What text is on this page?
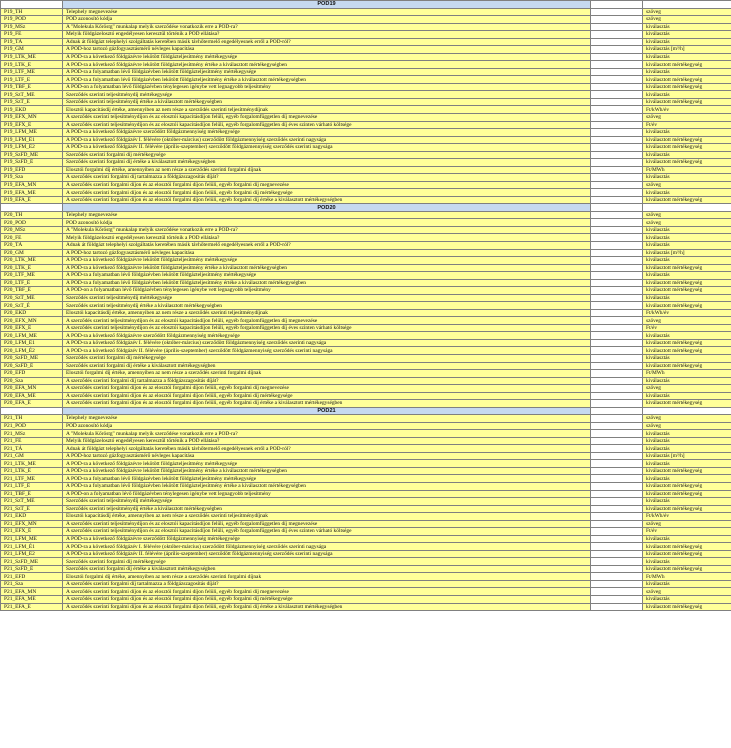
	POD19		
P19_TH	Telephely megnevezése		szöveg
P19_POD	POD azonosító kódja		szöveg
P19_MSz	A "Molekula Kőröstg" munkalap melyik szerződése vonatkozik erre a POD-ra?		kiválasztás
P19_FE	Melyik földgázelosztó engedélyesen keresztül történik a POD ellátása?		kiválasztás
P19_TÁ	Adnak át földgázt telephelyi szolgáltatás keretében másik távhőtermelő engedélyesnek erről a POD-ról?		kiválasztás
P19_GM	A POD-hoz tartozó gázfogyasztásmérő névleges kapacitása		kiválasztás [m³/h]
P19_LTK_ME	A POD-ra a következő földgázévre lekötött földgázteljesítmény mértékegysége		kiválasztás
P19_LTK_E	A POD-ra a következő földgázévre lekötött földgázteljesítmény értéke a kiválasztott mértékegységben		kiválasztott mértékegység
P19_LTF_ME	A POD-ra a folyamatban lévő földgázévben lekötött földgázteljesítmény mértékegysége		kiválasztás
P19_LTF_E	A POD-ra a folyamatban lévő földgázévben lekötött földgázteljesítmény értéke a kiválasztott mértékegységben		kiválasztott mértékegység
P19_TBF_E	A POD-on a folyamatban lévő földgázévben ténylegesen igénybe vett legnagyobb teljesítmény		kiválasztott mértékegység
P19_SzT_ME	Szerződés szerinti teljesítménydíj mértékegysége		kiválasztás
P19_SzT_E	Szerződés szerinti teljesítménydíj értéke a kiválasztott mértékegységben		kiválasztott mértékegység
P19_EKD	Elosztói kapacitásdíj értéke, amennyiben az nem része a szerződés szerinti teljesítménydíjnak		Ft/kWh/év
P19_EFX_MN	A szerződés szerinti teljesítménydíjon és az elosztói kapacitásdíjon felüli, egyéb forgalomfüggetlen díj megnevezése		szöveg
P19_EFX_E	A szerződés szerinti teljesítménydíjon és az elosztói kapacitásdíjon felüli, egyéb forgalomfüggetlen díj éves szinten várható költsége		Ft/év
P19_LFM_ME	A POD-ra a következő földgázévre szerződött földgázmennyiség mértékegysége		kiválasztás
P19_LFM_É1	A POD-ra a következő földgázév I. félévére (október-március) szerződött földgázmennyiség szerződés szerinti nagysága		kiválasztott mértékegység
P19_LFM_É2	A POD-ra a következő földgázév II. félévére (április-szeptember) szerződött földgázmennyiség szerződés szerinti nagysága		kiválasztott mértékegység
P19_SzFD_ME	Szerződés szerinti forgalmi díj mértékegysége		kiválasztás
P19_SzFD_É	Szerződés szerinti forgalmi díj értéke a kiválasztott mértékegységben		kiválasztott mértékegység
P19_EFD	Elosztói forgalmi díj értéke, amennyiben az nem része a szerződés szerinti forgalmi díjnak		Ft/MWh
P19_Sza	A szerződés szerinti forgalmi díj tartalmazza a földgázszagosítás díját?		kiválasztás
P19_EFA_MN	A szerződés szerinti forgalmi díjon és az elosztói forgalmi díjon felüli, egyéb forgalmi díj megnevezése		szöveg
P19_EFA_ME	A szerződés szerinti forgalmi díjon és az elosztói forgalmi díjon felüli, egyéb forgalmi díj mértékegysége		kiválasztás
P19_EFA_É	A szerződés szerinti forgalmi díjon és az elosztói forgalmi díjon felüli, egyéb forgalmi díj értéke a kiválasztott mértékegységben		kiválasztott mértékegység
	POD20		
P20_TH	Telephely megnevezése		szöveg
P20_POD	POD azonosító kódja		szöveg
P20_MSz	A "Molekula Kőröstg" munkalap melyik szerződése vonatkozik erre a POD-ra?		kiválasztás
P20_FE	Melyik földgázelosztó engedélyesen keresztül történik a POD ellátása?		kiválasztás
P20_TÁ	Adnak át földgázt telephelyi szolgáltatás keretében másik távhőtermelő engedélyesnek erről a POD-ról?		kiválasztás
P20_GM	A POD-hoz tartozó gázfogyasztásmérő névleges kapacitása		kiválasztás [m³/h]
P20_LTK_ME	A POD-ra a következő földgázévre lekötött földgázteljesítmény mértékegysége		kiválasztás
P20_LTK_É	A POD-ra a következő földgázévre lekötött földgázteljesítmény értéke a kiválasztott mértékegységben		kiválasztott mértékegység
P20_LTF_ME	A POD-ra a folyamatban lévő földgázévben lekötött földgázteljesítmény mértékegysége		kiválasztás
P20_LTF_É	A POD-ra a folyamatban lévő földgázévben lekötött földgázteljesítmény értéke a kiválasztott mértékegységben		kiválasztott mértékegység
P20_TBF_É	A POD-on a folyamatban lévő földgázévben ténylegesen igénybe vett legnagyobb teljesítmény		kiválasztott mértékegység
P20_SzT_ME	Szerződés szerinti teljesítménydíj mértékegysége		kiválasztás
P20_SzT_É	Szerződés szerinti teljesítménydíj értéke a kiválasztott mértékegységben		kiválasztott mértékegység
P20_EKD	Elosztói kapacitásdíj értéke, amennyiben az nem része a szerződés szerinti teljesítménydíjnak		Ft/kWh/év
P20_EFX_MN	A szerződés szerinti teljesítménydíjon és az elosztói kapacitásdíjon felüli, egyéb forgalomfüggetlen díj megnevezése		szöveg
P20_EFX_É	A szerződés szerinti teljesítménydíjon és az elosztói kapacitásdíjon felüli, egyéb forgalomfüggetlen díj éves szinten várható költsége		Ft/év
P20_LFM_ME	A POD-ra a következő földgázévre szerződött földgázmennyiség mértékegysége		kiválasztás
P20_LFM_É1	A POD-ra a következő földgázév I. félévére (október-március) szerződött földgázmennyiség szerződés szerinti nagysága		kiválasztott mértékegység
P20_LFM_É2	A POD-ra a következő földgázév II. félévére (április-szeptember) szerződött földgázmennyiség szerződés szerinti nagysága		kiválasztott mértékegység
P20_SzFD_ME	Szerződés szerinti forgalmi díj mértékegysége		kiválasztás
P20_SzFD_É	Szerződés szerinti forgalmi díj értéke a kiválasztott mértékegységben		kiválasztott mértékegység
P20_EFD	Elosztói forgalmi díj értéke, amennyiben az nem része a szerződés szerinti forgalmi díjnak		Ft/MWh
P20_Sza	A szerződés szerinti forgalmi díj tartalmazza a földgázszagosítás díját?		kiválasztás
P20_EFA_MN	A szerződés szerinti forgalmi díjon és az elosztói forgalmi díjon felüli, egyéb forgalmi díj megnevezése		szöveg
P20_EFA_ME	A szerződés szerinti forgalmi díjon és az elosztói forgalmi díjon felüli, egyéb forgalmi díj mértékegysége		kiválasztás
P20_EFA_É	A szerződés szerinti forgalmi díjon és az elosztói forgalmi díjon felüli, egyéb forgalmi díj értéke a kiválasztott mértékegységben		kiválasztott mértékegység
	POD21		
P21_TH	Telephely megnevezése		szöveg
P21_POD	POD azonosító kódja		szöveg
P21_MSz	A "Molekula Kőröstg" munkalap melyik szerződése vonatkozik erre a POD-ra?		kiválasztás
P21_FE	Melyik földgázelosztó engedélyesen keresztül történik a POD ellátása?		kiválasztás
P21_TÁ	Adnak át földgázt telephelyi szolgáltatás keretében másik távhőtermelő engedélyesnek erről a POD-ról?		kiválasztás
P21_GM	A POD-hoz tartozó gázfogyasztásmérő névleges kapacitása		kiválasztás [m³/h]
P21_LTK_ME	A POD-ra a következő földgázévre lekötött földgázteljesítmény mértékegysége		kiválasztás
P21_LTK_É	A POD-ra a következő földgázévre lekötött földgázteljesítmény értéke a kiválasztott mértékegységben		kiválasztott mértékegység
P21_LTF_ME	A POD-ra a folyamatban lévő földgázévben lekötött földgázteljesítmény mértékegysége		kiválasztás
P21_LTF_É	A POD-ra a folyamatban lévő földgázévben lekötött földgázteljesítmény értéke a kiválasztott mértékegységben		kiválasztott mértékegység
P21_TBF_É	A POD-on a folyamatban lévő földgázévben ténylegesen igénybe vett legnagyobb teljesítmény		kiválasztott mértékegység
P21_SzT_ME	Szerződés szerinti teljesítménydíj mértékegysége		kiválasztás
P21_SzT_É	Szerződés szerinti teljesítménydíj értéke a kiválasztott mértékegységben		kiválasztott mértékegység
P21_EKD	Elosztói kapacitásdíj értéke, amennyiben az nem része a szerződés szerinti teljesítménydíjnak		Ft/kWh/év
P21_EFX_MN	A szerződés szerinti teljesítménydíjon és az elosztói kapacitásdíjon felüli, egyéb forgalomfüggetlen díj megnevezése		szöveg
P21_EFX_É	A szerződés szerinti teljesítménydíjon és az elosztói kapacitásdíjon felüli, egyéb forgalomfüggetlen díj éves szinten várható költsége		Ft/év
P21_LFM_ME	A POD-ra a következő földgázévre szerződött földgázmennyiség mértékegysége		kiválasztás
P21_LFM_É1	A POD-ra a következő földgázév I. félévére (október-március) szerződött földgázmennyiség szerződés szerinti nagysága		kiválasztott mértékegység
P21_LFM_É2	A POD-ra a következő földgázév II. félévére (április-szeptember) szerződött földgázmennyiség szerződés szerinti nagysága		kiválasztott mértékegység
P21_SzFD_ME	Szerződés szerinti forgalmi díj mértékegysége		kiválasztás
P21_SzFD_É	Szerződés szerinti forgalmi díj értéke a kiválasztott mértékegységben		kiválasztott mértékegység
P21_EFD	Elosztói forgalmi díj értéke, amennyiben az nem része a szerződés szerinti forgalmi díjnak		Ft/MWh
P21_Sza	A szerződés szerinti forgalmi díj tartalmazza a földgázszagosítás díját?		kiválasztás
P21_EFA_MN	A szerződés szerinti forgalmi díjon és az elosztói forgalmi díjon felüli, egyéb forgalmi díj megnevezése		szöveg
P21_EFA_ME	A szerződés szerinti forgalmi díjon és az elosztói forgalmi díjon felüli, egyéb forgalmi díj mértékegysége		kiválasztás
P21_EFA_É	A szerződés szerinti forgalmi díjon és az elosztói forgalmi díjon felüli, egyéb forgalmi díj értéke a kiválasztott mértékegységben		kiválasztott mértékegység
